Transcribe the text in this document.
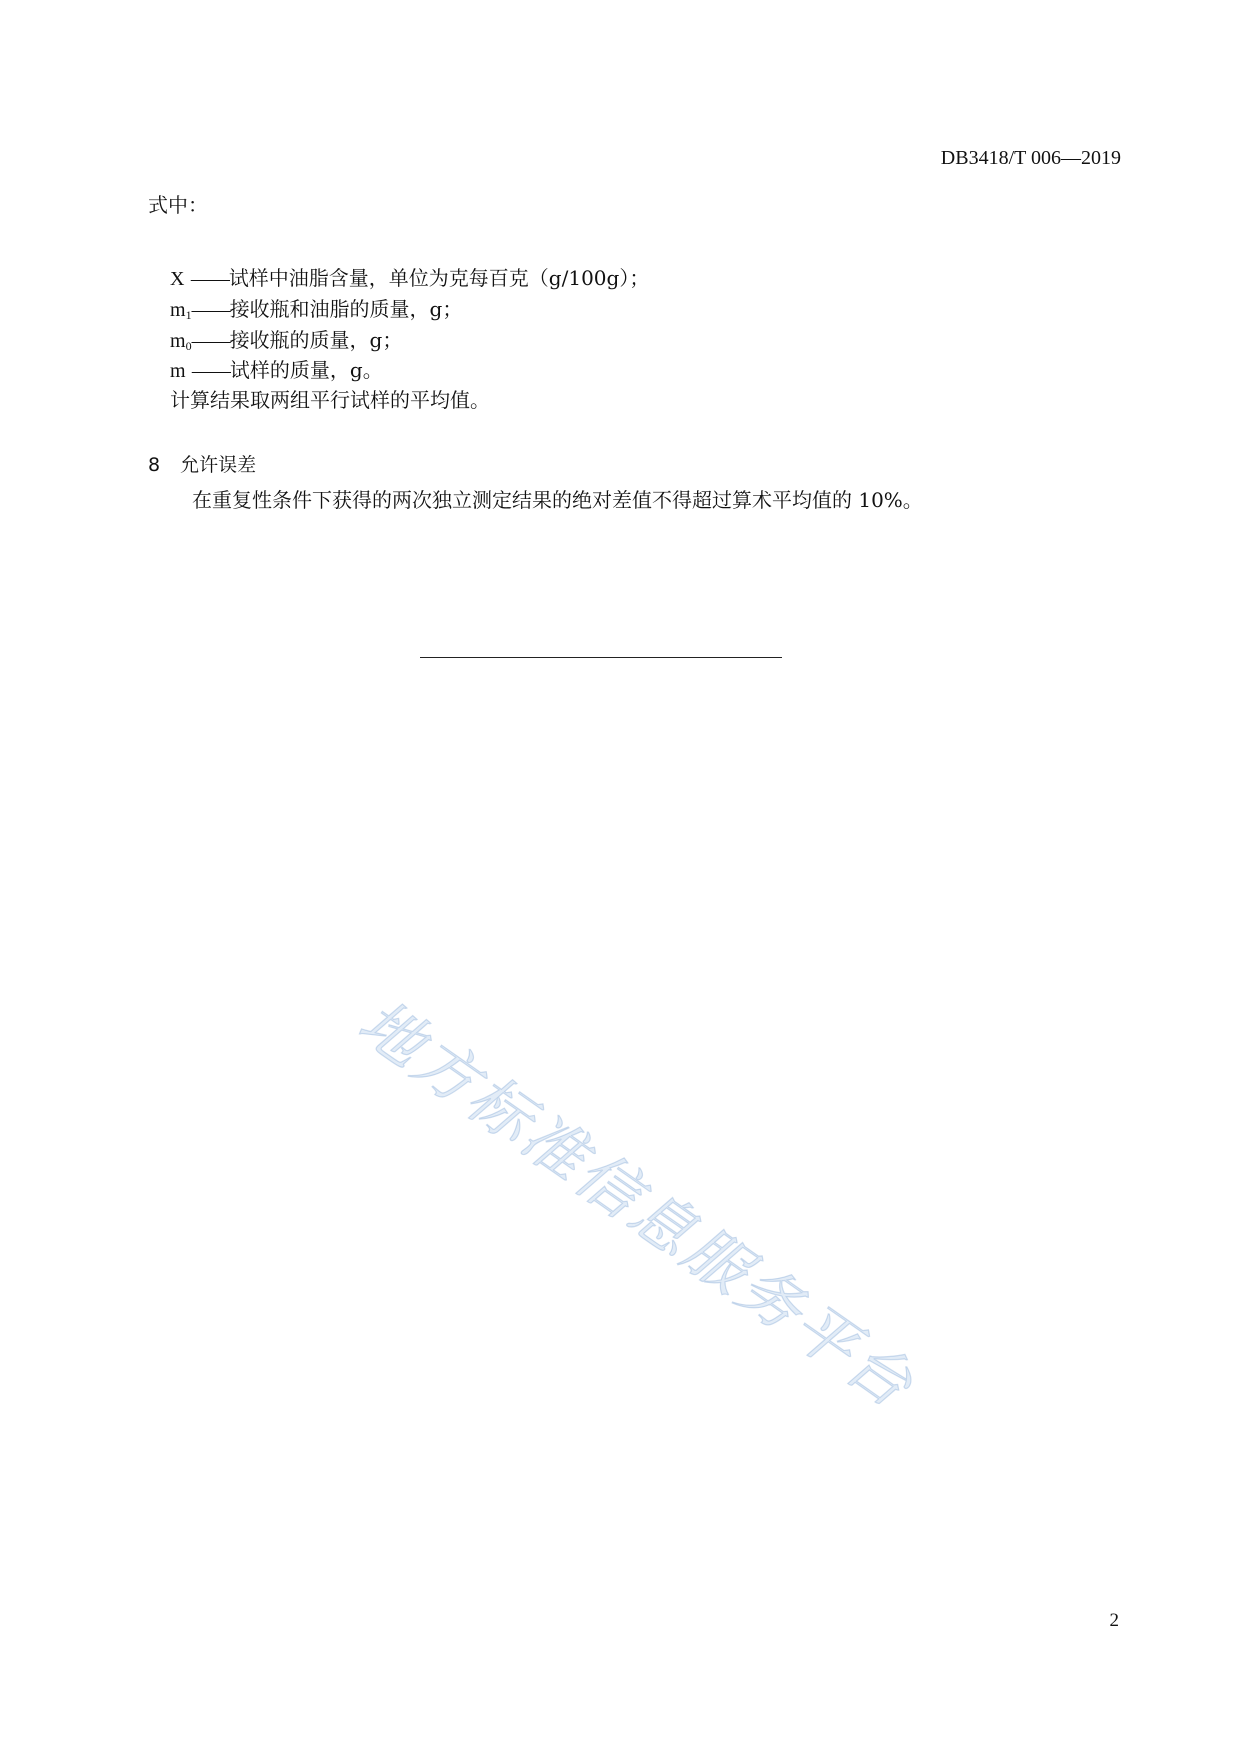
DB3418/T 006—2019
式中：
X ——试样中油脂含量，单位为克每百克（g/100g）；
$m_1——$接收瓶和油脂的质量，g；
$m_0——$接收瓶的质量，g；
m ——试样的质量，g。
计算结果取两组平行试样的平均值。
8 允许误差
在重复性条件下获得的两次独立测定结果的绝对差值不得超过算术平均值的 10%。
地方标准信息服务平台
2
